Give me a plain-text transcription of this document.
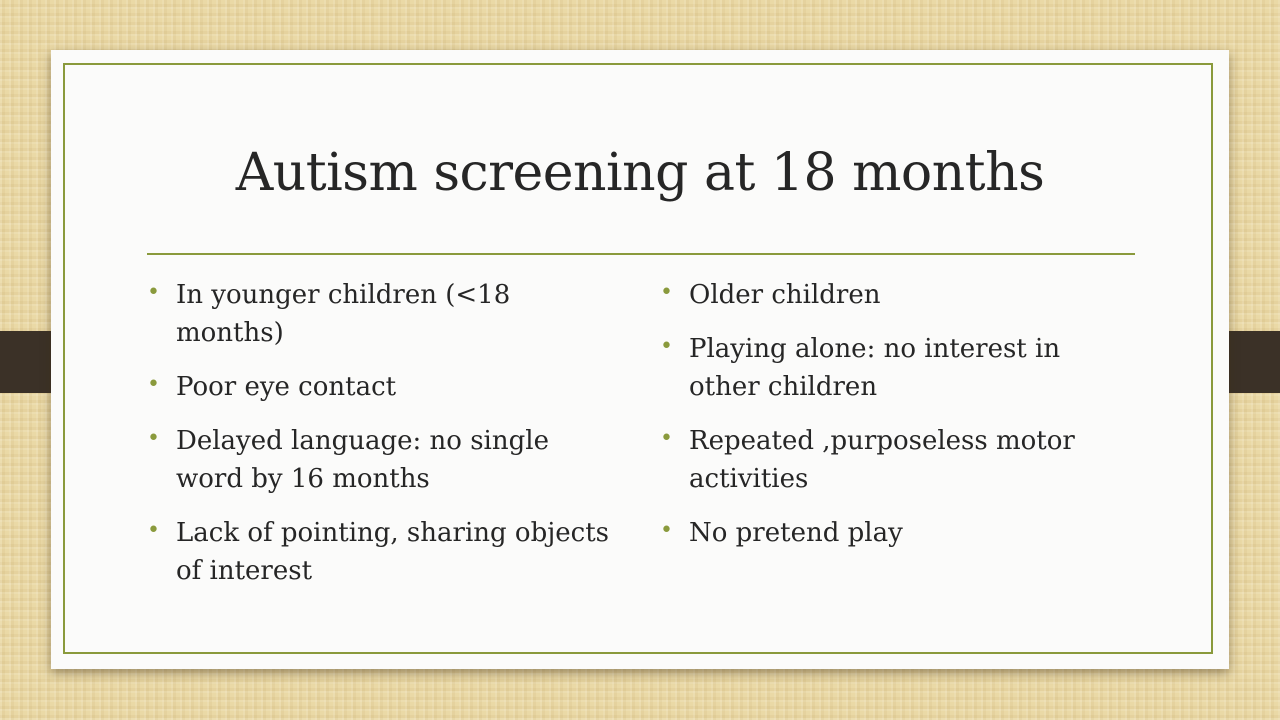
Autism screening at 18 months
• In younger children (<18 months)
• Poor eye contact
• Delayed language: no single word by 16 months
• Lack of pointing, sharing objects of interest
• Older children
• Playing alone: no interest in other children
• Repeated ,purposeless motor activities
• No pretend play
